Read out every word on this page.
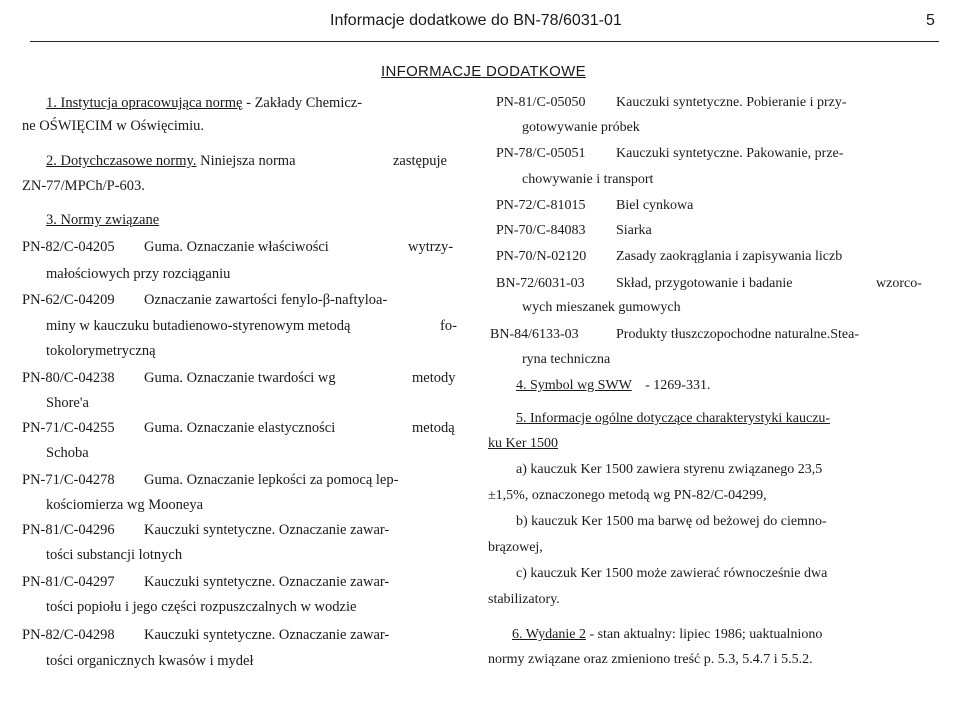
Informacje dodatkowe do BN-78/6031-01	5
INFORMACJE DODATKOWE
1. Instytucja opracowująca normę - Zakłady Chemicz-
ne OŚWIĘCIM w Oświęcimiu.
2. Dotychczasowe normy. Niniejsza norma	zastępuje
ZN-77/MPCh/P-603.
3. Normy związane
PN-82/C-04205 Guma. Oznaczanie właściwości	wytrzy-
małościowych przy rozciąganiu
PN-62/C-04209 Oznaczanie zawartości fenylo-β-naftyloa-
miny w kauczuku butadienowo-styrenowym metodą	fo-
tokolorymetryczną
PN-80/C-04238 Guma. Oznaczanie twardości wg	metody
Shore'a
PN-71/C-04255 Guma. Oznaczanie elastyczności	metodą
Schoba
PN-71/C-04278 Guma. Oznaczanie lepkości za pomocą lep-
kościomierza wg Mooneya
PN-81/C-04296 Kauczuki syntetyczne. Oznaczanie zawar-
tości substancji lotnych
PN-81/C-04297 Kauczuki syntetyczne. Oznaczanie zawar-
tości popiołu i jego części rozpuszczalnych w wodzie
PN-82/C-04298 Kauczuki syntetyczne. Oznaczanie zawar-
tości organicznych kwasów i mydeł
PN-81/C-05050 Kauczuki syntetyczne. Pobieranie i przy-
gotowywanie próbek
PN-78/C-05051 Kauczuki syntetyczne. Pakowanie, prze-
chowywanie i transport
PN-72/C-81015 Biel cynkowa
PN-70/C-84083 Siarka
PN-70/N-02120 Zasady zaokrąglania i zapisywania liczb
BN-72/6031-03 Skład, przygotowanie i badanie	wzorco-
wych mieszanek gumowych
BN-84/6133-03	Produkty tłuszczopochodne naturalne.Stea-
ryna techniczna
4. Symbol wg SWW - 1269-331.
5. Informacje ogólne dotyczące charakterystyki kauczu-
ku Ker 1500
a) kauczuk Ker 1500 zawiera styrenu związanego 23,5
±1,5%, oznaczonego metodą wg PN-82/C-04299,
b) kauczuk Ker 1500 ma barwę od beżowej do ciemno-
brązowej,
c) kauczuk Ker 1500 może zawierać równocześnie dwa
stabilizatory.
6. Wydanie 2 - stan aktualny: lipiec 1986; uaktualniono
normy związane oraz zmieniono treść p. 5.3, 5.4.7 i 5.5.2.
